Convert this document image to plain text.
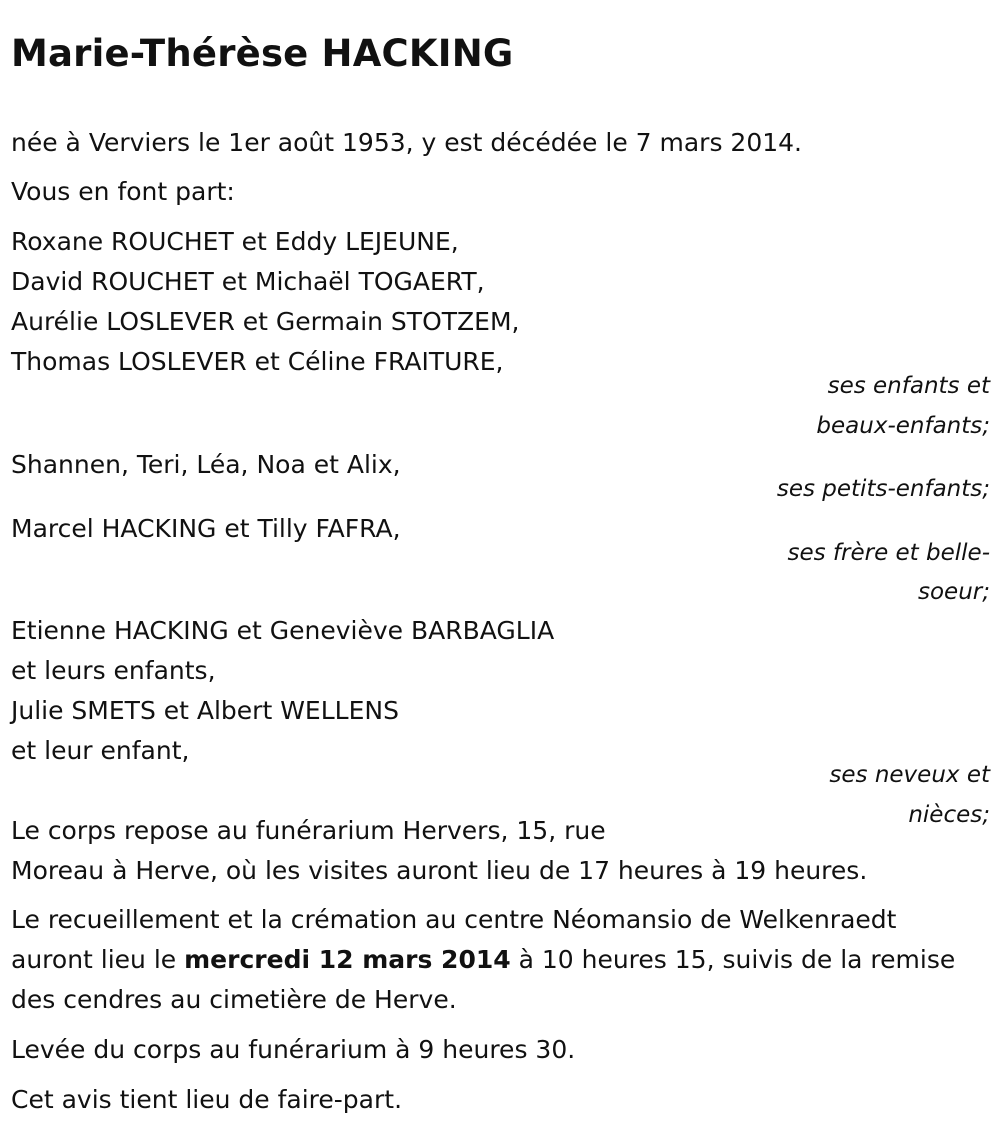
Marie-Thérèse HACKING
née à Verviers le 1er août 1953, y est décédée le 7 mars 2014.
Vous en font part:
Roxane ROUCHET et Eddy LEJEUNE,
David ROUCHET et Michaël TOGAERT,
Aurélie LOSLEVER et Germain STOTZEM,
Thomas LOSLEVER et Céline FRAITURE,
ses enfants et
beaux-enfants;
Shannen, Teri, Léa, Noa et Alix,
ses petits-enfants;
Marcel HACKING et Tilly FAFRA,
ses frère et belle-
soeur;
Etienne HACKING et Geneviève BARBAGLIA
et leurs enfants,
Julie SMETS et Albert WELLENS
et leur enfant,
ses neveux et
nièces;
Le corps repose au funérarium Hervers, 15, rue
Moreau à Herve, où les visites auront lieu de 17 heures à 19 heures.
Le recueillement et la crémation au centre Néomansio de Welkenraedt
auront lieu le mercredi 12 mars 2014 à 10 heures 15, suivis de la remise
des cendres au cimetière de Herve.
Levée du corps au funérarium à 9 heures 30.
Cet avis tient lieu de faire-part.
